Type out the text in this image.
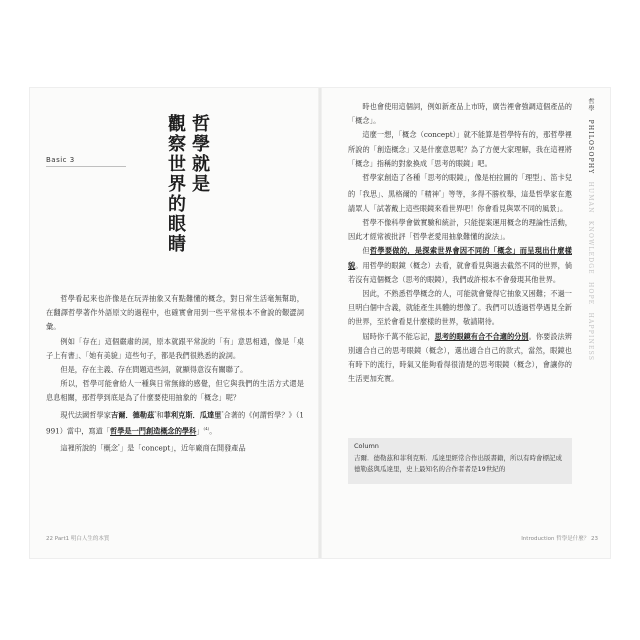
Basic 3	哲學就是
觀察世界的眼睛

哲學看起來也許像是在玩弄抽象又有點難懂的概念，對日常生活毫無幫助，在翻譯哲學著作外語原文的過程中，也確實會用到一些平常根本不會說的艱澀詞彙。

例如「存在」這個嚴肅的詞，原本就跟平常說的「有」意思相通，像是「桌子上有書」、「她有美貌」這些句子，都是我們很熟悉的說詞。

但是，存在主義、存在問題這些詞，就顯得意沒有關聯了。

所以，哲學可能會給人一種與日常無緣的感覺，但它與我們的生活方式還是息息相關，那哲學到底是為了什麼要使用抽象的「概念」呢？

現代法國哲學家吉爾．德勒茲*和菲利克斯．瓜達里*合著的《何謂哲學？》（1991）當中，寫道「哲學是一門創造概念的學科」$^{(4)}$。

這裡所說的「概念*」是「concept」，近年廠商在開發產品

22 Part1 明白人生的本質

時也會使用這個詞，例如新產品上市時，廣告裡會強調這個產品的「概念」。

這麼一想，「概念（concept）」就不能算是哲學特有的，那哲學裡所說的「創造概念」又是什麼意思呢？為了方便大家理解，我在這裡將「概念」指稱的對象換成「思考的眼鏡」吧。

哲學家創造了各種「思考的眼鏡」，像是柏拉圖的「理型」、笛卡兒的「我思」、黑格爾的「精神*」等等，多得不勝枚舉，這是哲學家在邀請眾人「試著戴上這些眼鏡來看世界吧！你會看見與眾不同的風景」。

哲學不像科學會做實驗和統計，只能提案運用概念的理論性活動，因此才經常被批評「哲學老愛用抽象難懂的說法」。

但哲學要做的，是探索世界會因不同的「概念」而呈現出什麼樣貌。用哲學的眼鏡（概念）去看，就會看見與過去截然不同的世界，倘若沒有這個概念（思考的眼鏡），我們或許根本不會發現其他世界。

因此，不熟悉哲學概念的人，可能就會覺得它抽象又困難；不過一旦明白個中含義，就能產生具體的想像了。我們可以透過哲學遇見全新的世界，至於會看見什麼樣的世界，敬請期待。

屆時你千萬不能忘記，思考的眼鏡有合不合適的分別。你要設法辨別適合自己的思考眼鏡（概念），選出適合自己的款式，當然，眼鏡也有時下的流行，時氣又能夠看得很清楚的思考眼鏡（概念），會讓你的生活更加充實。

Column
吉爾．德勒茲和菲利克斯．瓜達里經常合作出版書籍，所以有時會標記成德勒茲與瓜達里，史上最知名的合作者者是19世紀的
哲學 PHILOSOPHY HUMAN KNOWLEDGE HOPE HAPPINESS
Introduction 哲學是什麼？ 23
